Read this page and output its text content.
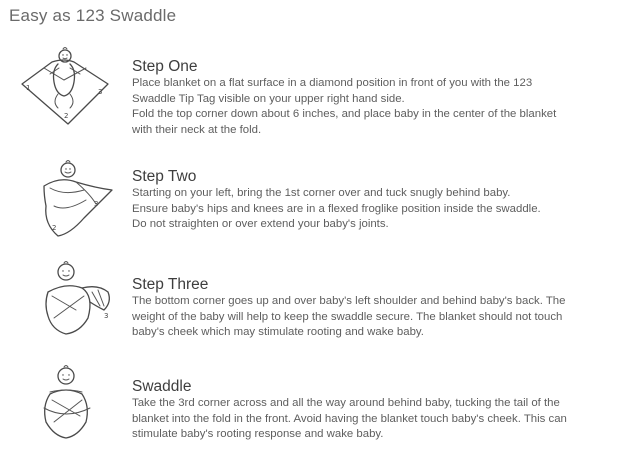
Easy as 123 Swaddle
1
2
3
Step One
Place blanket on a flat surface in a diamond position in front of you with the 123
Swaddle Tip Tag visible on your upper right hand side.
Fold the top corner down about 6 inches, and place baby in the center of the blanket
with their neck at the fold.
2
3
Step Two
Starting on your left, bring the 1st corner over and tuck snugly behind baby.
Ensure baby's hips and knees are in a flexed froglike position inside the swaddle.
Do not straighten or over extend your baby's joints.
3
Step Three
The bottom corner goes up and over baby's left shoulder and behind baby's back. The
weight of the baby will help to keep the swaddle secure. The blanket should not touch
baby's cheek which may stimulate rooting and wake baby.
Swaddle
Take the 3rd corner across and all the way around behind baby, tucking the tail of the
blanket into the fold in the front. Avoid having the blanket touch baby's cheek. This can
stimulate baby's rooting response and wake baby.
